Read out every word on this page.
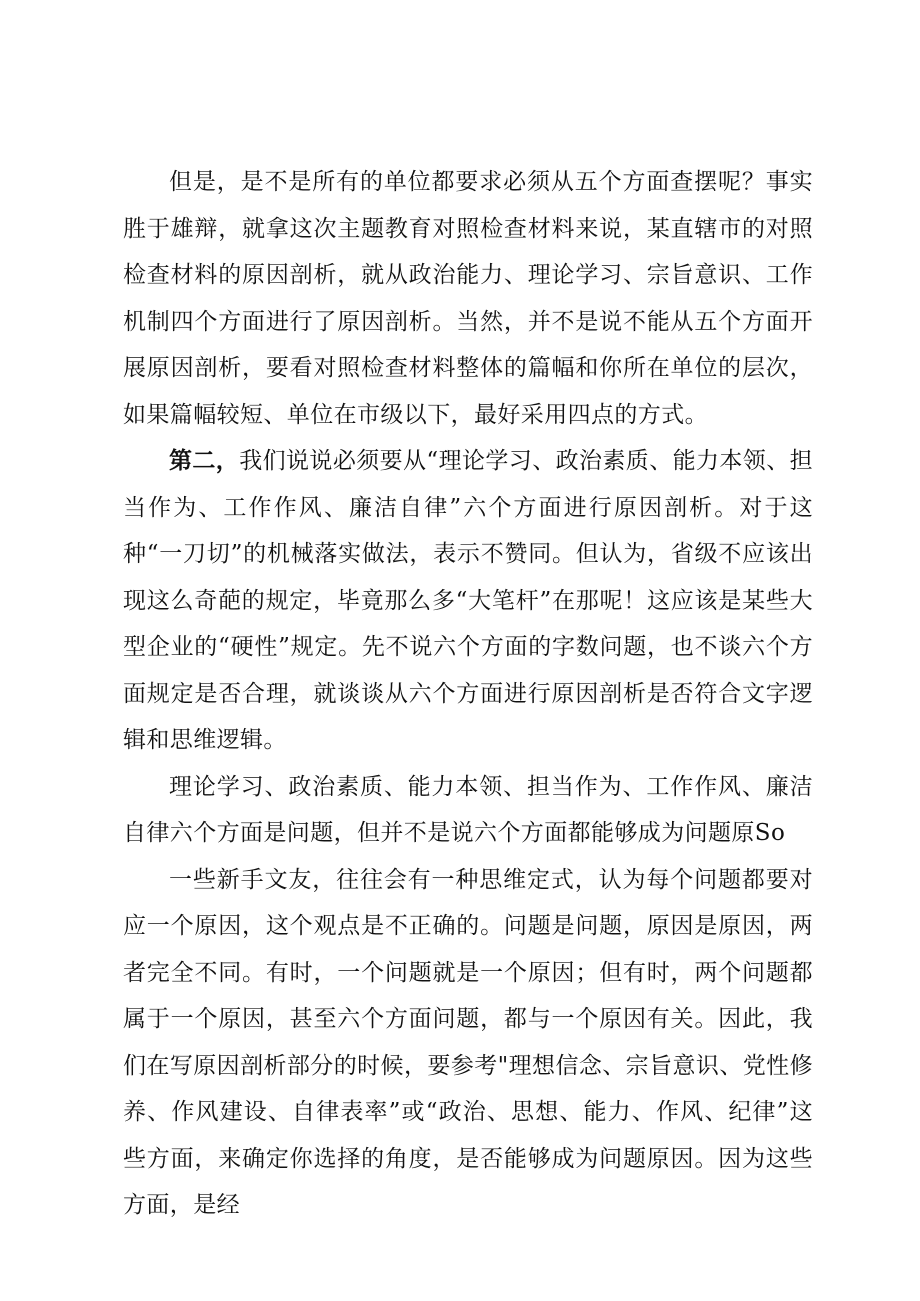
但是，是不是所有的单位都要求必须从五个方面查摆呢？事实胜于雄辩，就拿这次主题教育对照检查材料来说，某直辖市的对照检查材料的原因剖析，就从政治能力、理论学习、宗旨意识、工作机制四个方面进行了原因剖析。当然，并不是说不能从五个方面开展原因剖析，要看对照检查材料整体的篇幅和你所在单位的层次，如果篇幅较短、单位在市级以下，最好采用四点的方式。

第二，我们说说必须要从“理论学习、政治素质、能力本领、担当作为、工作作风、廉洁自律”六个方面进行原因剖析。对于这种“一刀切”的机械落实做法，表示不赞同。但认为，省级不应该出现这么奇葩的规定，毕竟那么多“大笔杆”在那呢！这应该是某些大型企业的“硬性”规定。先不说六个方面的字数问题，也不谈六个方面规定是否合理，就谈谈从六个方面进行原因剖析是否符合文字逻辑和思维逻辑。

理论学习、政治素质、能力本领、担当作为、工作作风、廉洁自律六个方面是问题，但并不是说六个方面都能够成为问题原So

一些新手文友，往往会有一种思维定式，认为每个问题都要对应一个原因，这个观点是不正确的。问题是问题，原因是原因，两者完全不同。有时，一个问题就是一个原因；但有时，两个问题都属于一个原因，甚至六个方面问题，都与一个原因有关。因此，我们在写原因剖析部分的时候，要参考"理想信念、宗旨意识、党性修养、作风建设、自律表率”或“政治、思想、能力、作风、纪律”这些方面，来确定你选择的角度，是否能够成为问题原因。因为这些方面，是经
